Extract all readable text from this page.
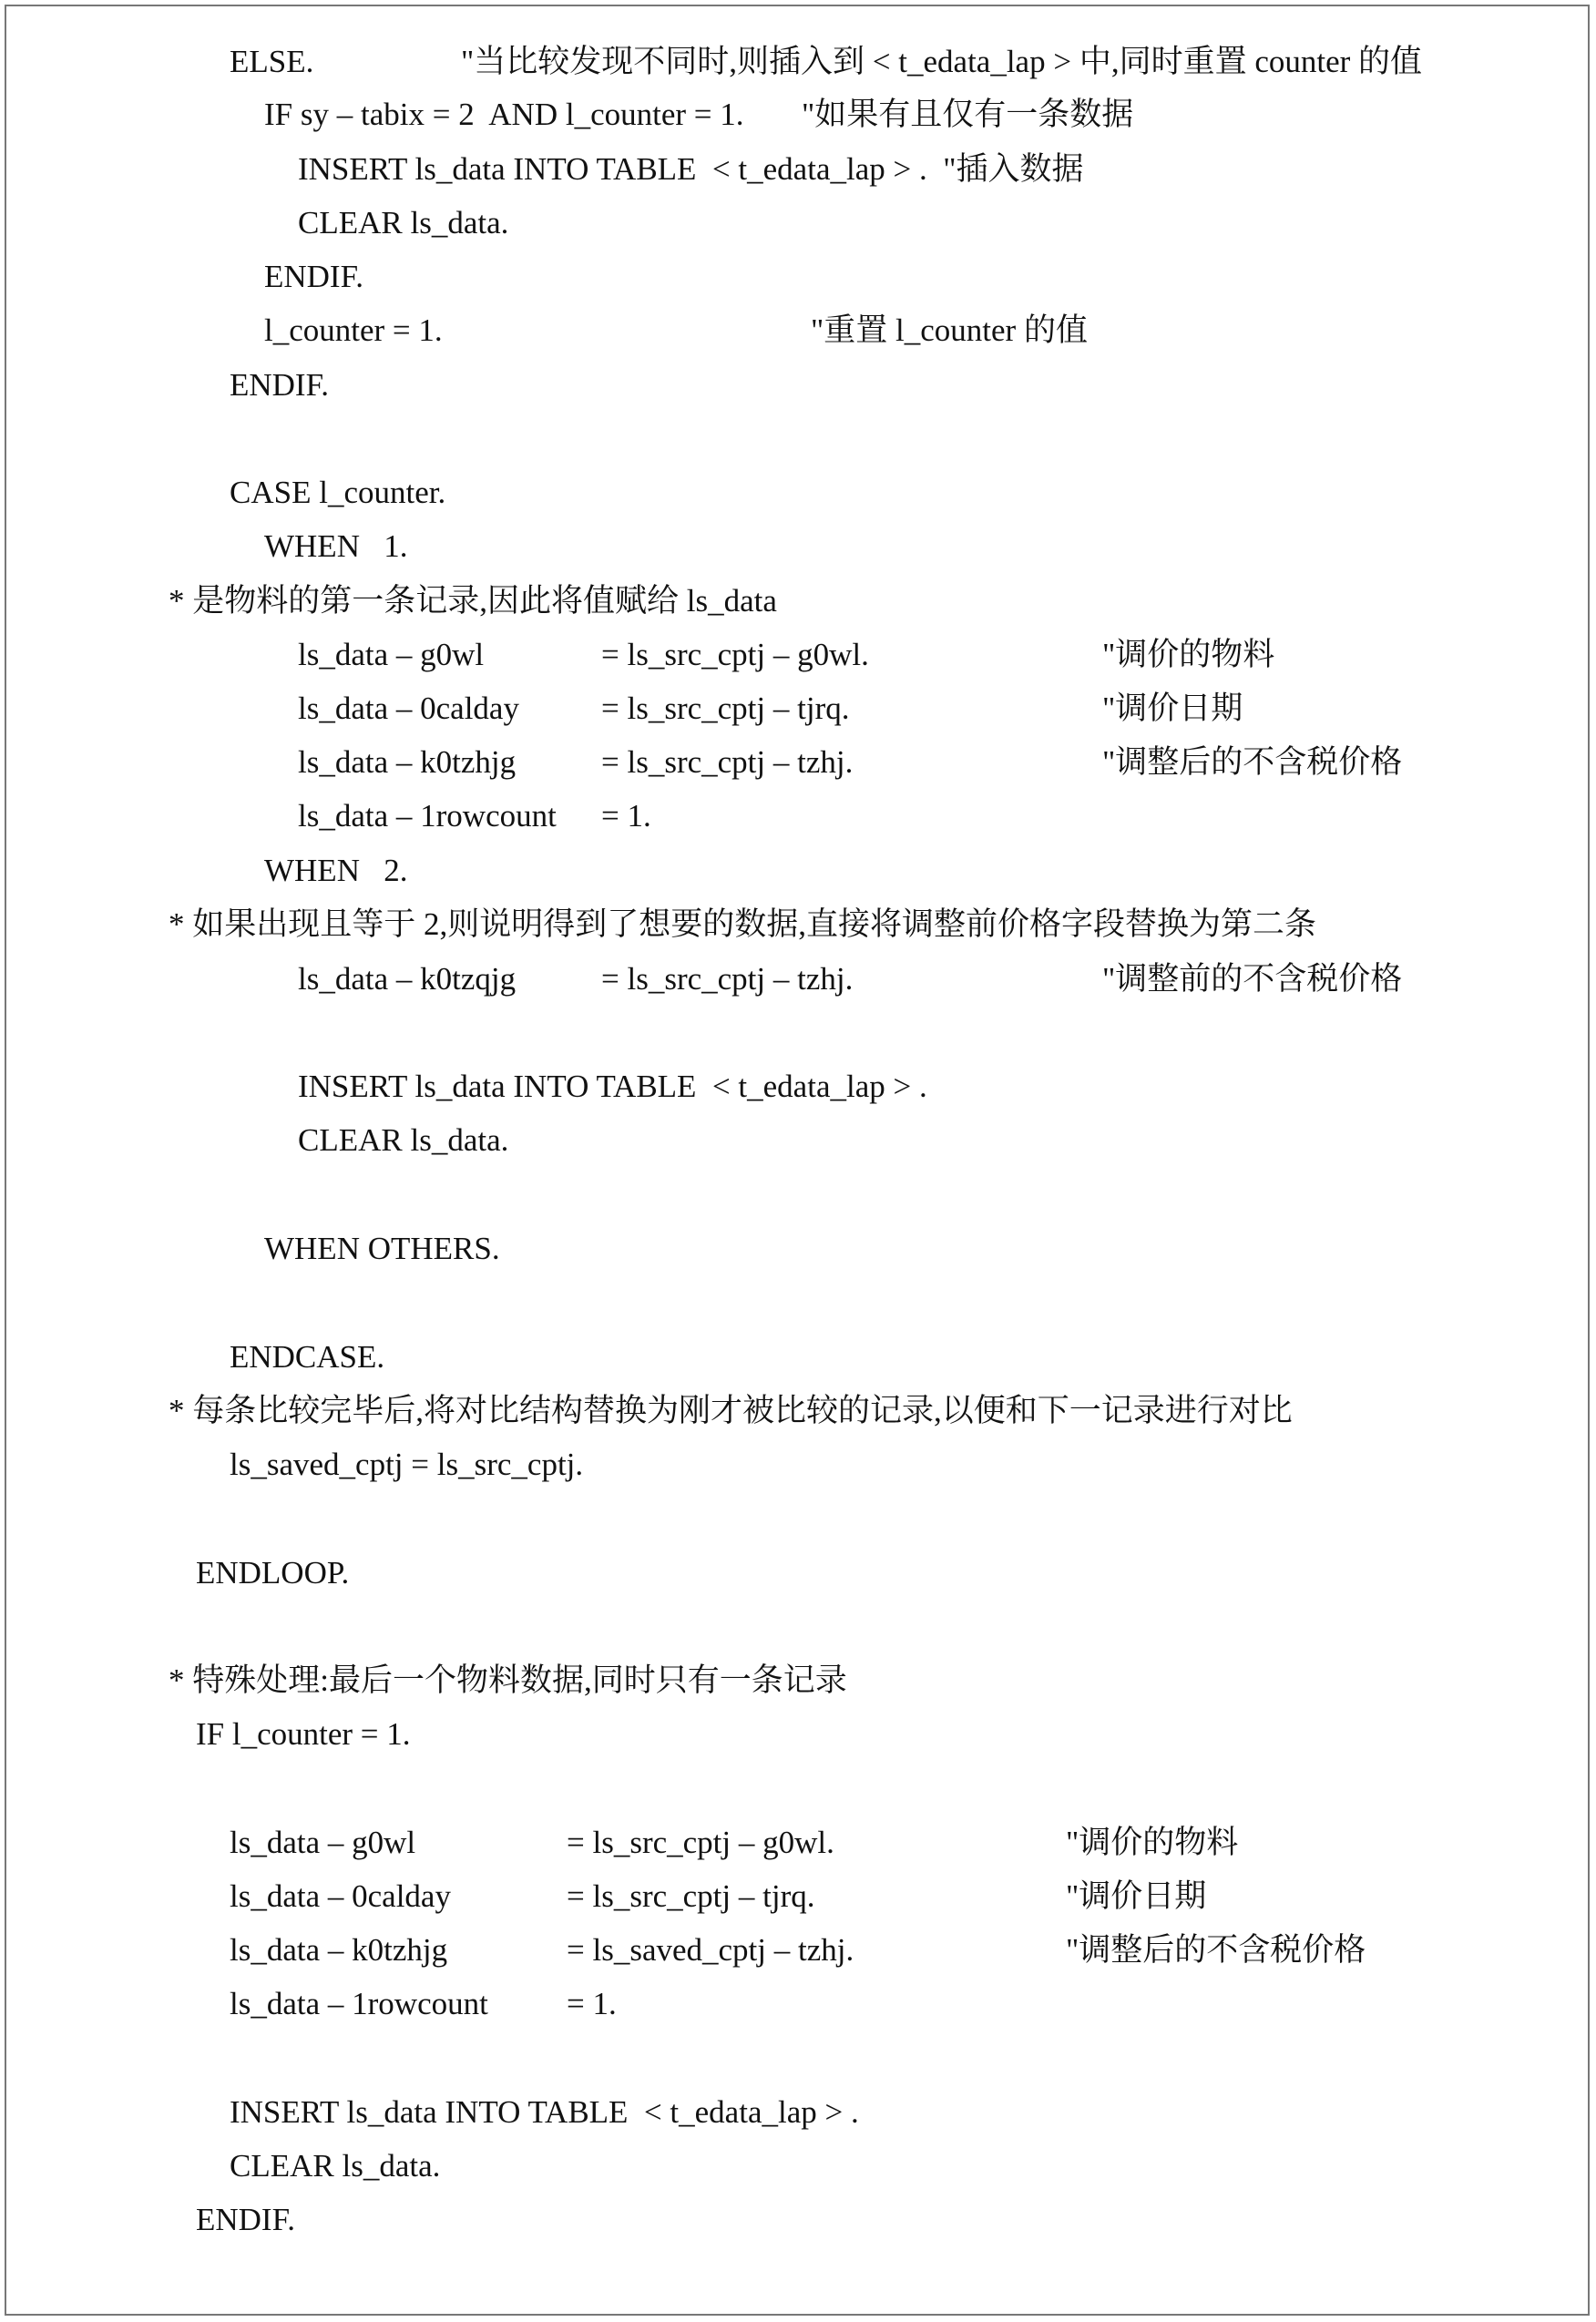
ELSE.	"当比较发现不同时,则插入到 < t_edata_lap > 中,同时重置 counter 的值
IF sy – tabix = 2  AND l_counter = 1. "如果有且仅有一条数据
INSERT ls_data INTO TABLE  < t_edata_lap > .  "插入数据
CLEAR ls_data.
ENDIF.
l_counter = 1.	"重置 l_counter 的值
ENDIF.
CASE l_counter.
WHEN   1.
* 是物料的第一条记录,因此将值赋给 ls_data
ls_data – g0wl	= ls_src_cptj – g0wl.	"调价的物料
ls_data – 0calday	= ls_src_cptj – tjrq.	"调价日期
ls_data – k0tzhjg	= ls_src_cptj – tzhj.	"调整后的不含税价格
ls_data – 1rowcount = 1.
WHEN   2.
* 如果出现且等于 2,则说明得到了想要的数据,直接将调整前价格字段替换为第二条
ls_data – k0tzqjg	= ls_src_cptj – tzhj.	"调整前的不含税价格
INSERT ls_data INTO TABLE  < t_edata_lap > .
CLEAR ls_data.
WHEN OTHERS.
ENDCASE.
* 每条比较完毕后,将对比结构替换为刚才被比较的记录,以便和下一记录进行对比
ls_saved_cptj = ls_src_cptj.
ENDLOOP.
* 特殊处理:最后一个物料数据,同时只有一条记录
IF l_counter = 1.
ls_data – g0wl	= ls_src_cptj – g0wl.	"调价的物料
ls_data – 0calday	= ls_src_cptj – tjrq.	"调价日期
ls_data – k0tzhjg	= ls_saved_cptj – tzhj.	"调整后的不含税价格
ls_data – 1rowcount = 1.
INSERT ls_data INTO TABLE  < t_edata_lap > .
CLEAR ls_data.
ENDIF.
